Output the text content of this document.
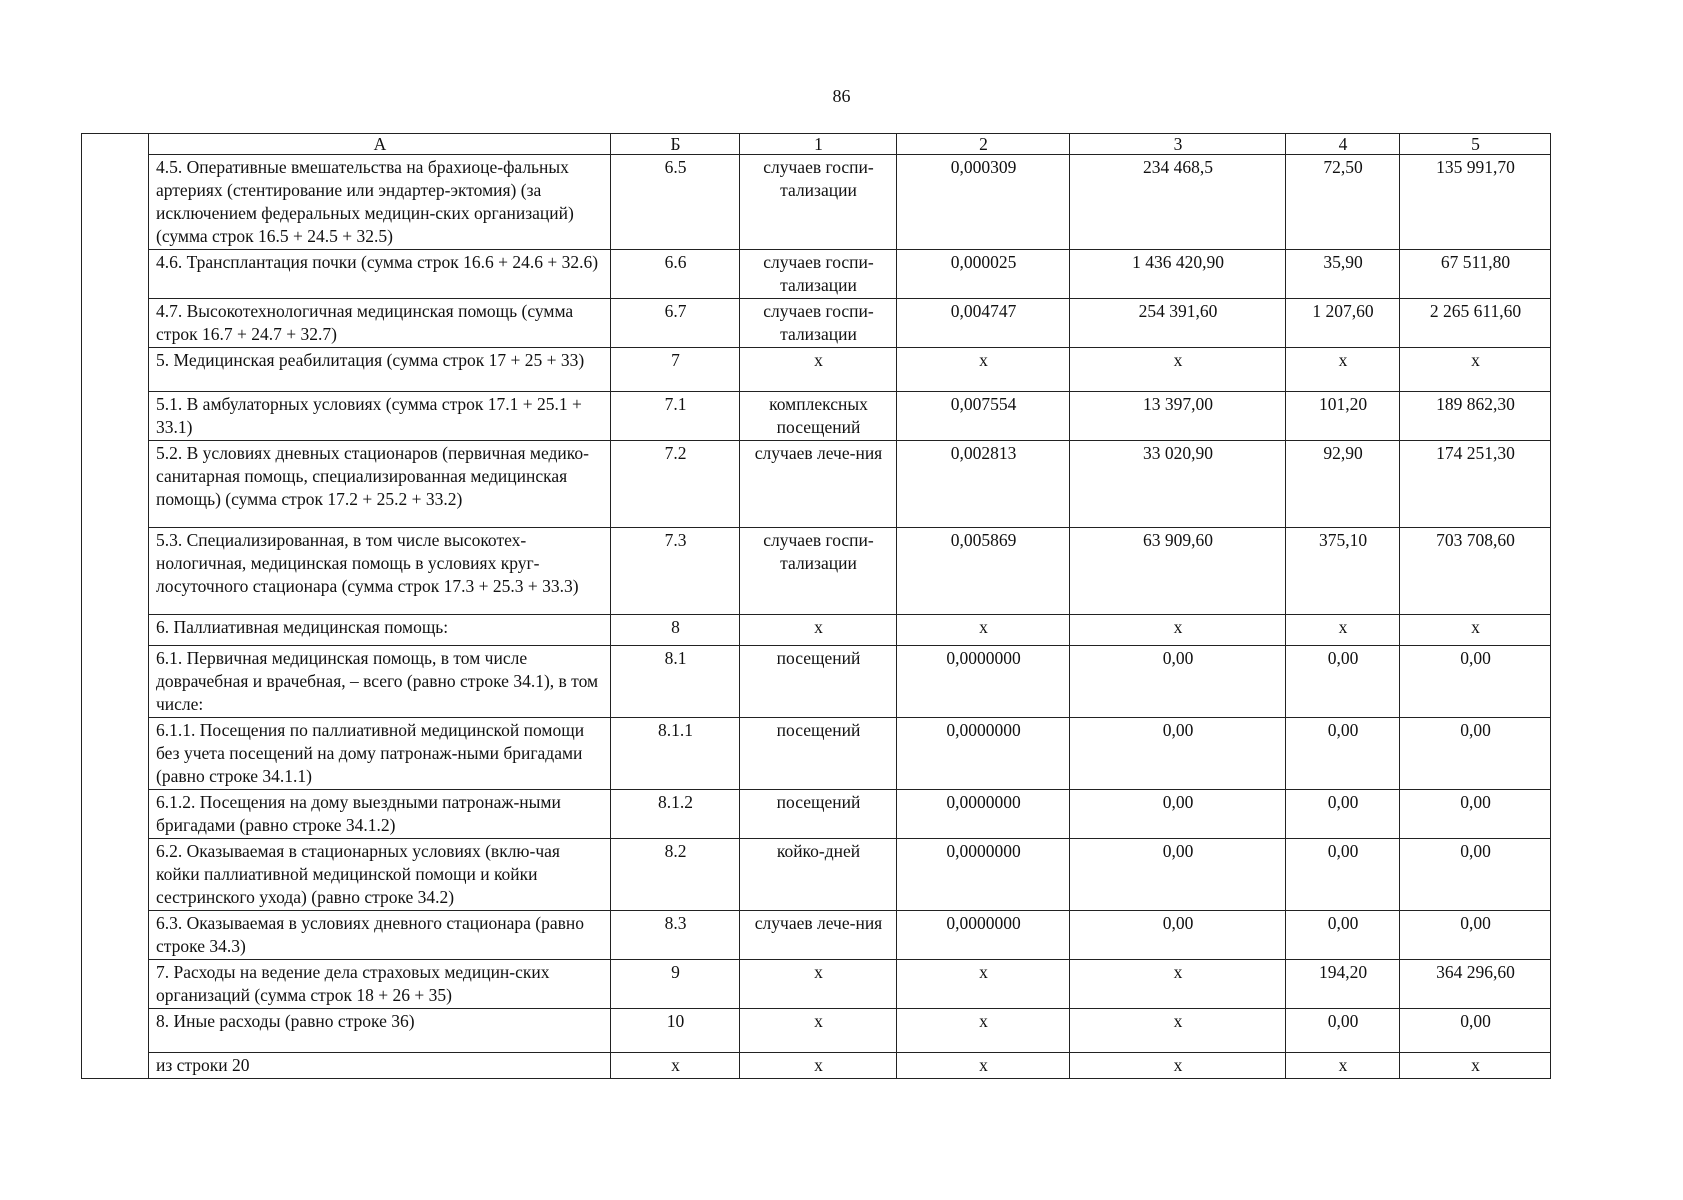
86
	А	Б	1	2	3	4	5
	4.5. Оперативные вмешательства на брахиоце-фальных артериях (стентирование или эндартер-эктомия) (за исключением федеральных медицин-ских организаций) (сумма строк 16.5 + 24.5 + 32.5)	6.5	случаев госпи-тализации	0,000309	234 468,5	72,50	135 991,70
	4.6. Трансплантация почки (сумма строк 16.6 + 24.6 + 32.6)	6.6	случаев госпи-тализации	0,000025	1 436 420,90	35,90	67 511,80
	4.7. Высокотехнологичная медицинская помощь (сумма строк 16.7 + 24.7 + 32.7)	6.7	случаев госпи-тализации	0,004747	254 391,60	1 207,60	2 265 611,60
	5. Медицинская реабилитация (сумма строк 17 + 25 + 33)	7	х	х	х	х	х
	5.1. В амбулаторных условиях (сумма строк 17.1 + 25.1 + 33.1)	7.1	комплексных посещений	0,007554	13 397,00	101,20	189 862,30
	5.2. В условиях дневных стационаров (первичная медико-санитарная помощь, специализированная медицинская помощь) (сумма строк 17.2 + 25.2 + 33.2)	7.2	случаев лече-ния	0,002813	33 020,90	92,90	174 251,30
	5.3. Специализированная, в том числе высокотех-нологичная, медицинская помощь в условиях круг-лосуточного стационара (сумма строк 17.3 + 25.3 + 33.3)	7.3	случаев госпи-тализации	0,005869	63 909,60	375,10	703 708,60
	6. Паллиативная медицинская помощь:	8	х	х	х	х	х
	6.1. Первичная медицинская помощь, в том числе доврачебная и врачебная, – всего (равно строке 34.1), в том числе:	8.1	посещений	0,0000000	0,00	0,00	0,00
	6.1.1. Посещения по паллиативной медицинской помощи без учета посещений на дому патронаж-ными бригадами (равно строке 34.1.1)	8.1.1	посещений	0,0000000	0,00	0,00	0,00
	6.1.2. Посещения на дому выездными патронаж-ными бригадами (равно строке 34.1.2)	8.1.2	посещений	0,0000000	0,00	0,00	0,00
	6.2. Оказываемая в стационарных условиях (вклю-чая койки паллиативной медицинской помощи и койки сестринского ухода) (равно строке 34.2)	8.2	койко-дней	0,0000000	0,00	0,00	0,00
	6.3. Оказываемая в условиях дневного стационара (равно строке 34.3)	8.3	случаев лече-ния	0,0000000	0,00	0,00	0,00
	7. Расходы на ведение дела страховых медицин-ских организаций (сумма строк 18 + 26 + 35)	9	х	х	х	194,20	364 296,60
	8. Иные расходы (равно строке 36)	10	х	х	х	0,00	0,00
	из строки 20	х	х	х	х	х	х
